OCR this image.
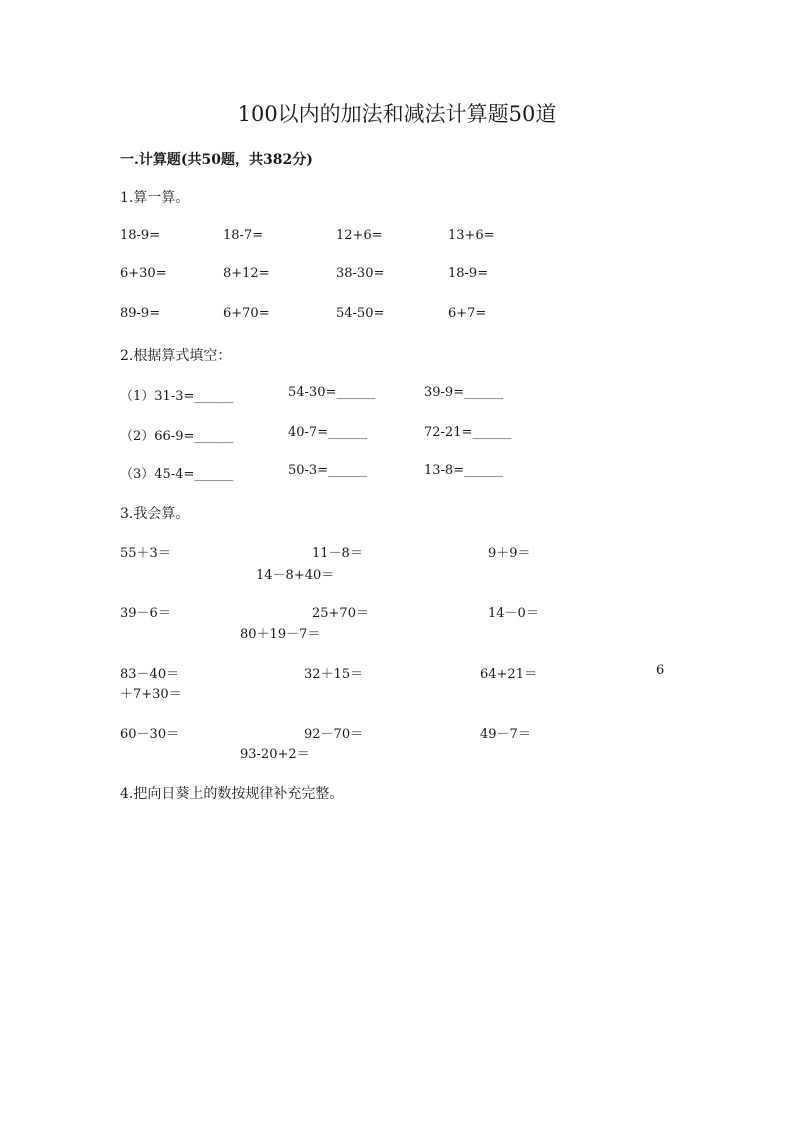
100以内的加法和减法计算题50道
一.计算题(共50题，共382分)
1.算一算。
18-9=	18-7=	12+6=	13+6=
6+30=	8+12=	38-30=	18-9=
89-9=	6+70=	54-50=	6+7=
2.根据算式填空：
（1）31-3=______	54-30=______	39-9=______
（2）66-9=______	40-7=______	72-21=______
（3）45-4=______	50-3=______	13-8=______
3.我会算。
55＋3＝	11－8＝	9＋9＝
14－8+40＝
39－6＝	25+70＝	14－0＝
80＋19－7＝
83－40＝	32＋15＝	64+21＝	6
＋7+30＝
60－30＝	92－70＝	49－7＝
93-20+2＝
4.把向日葵上的数按规律补充完整。
